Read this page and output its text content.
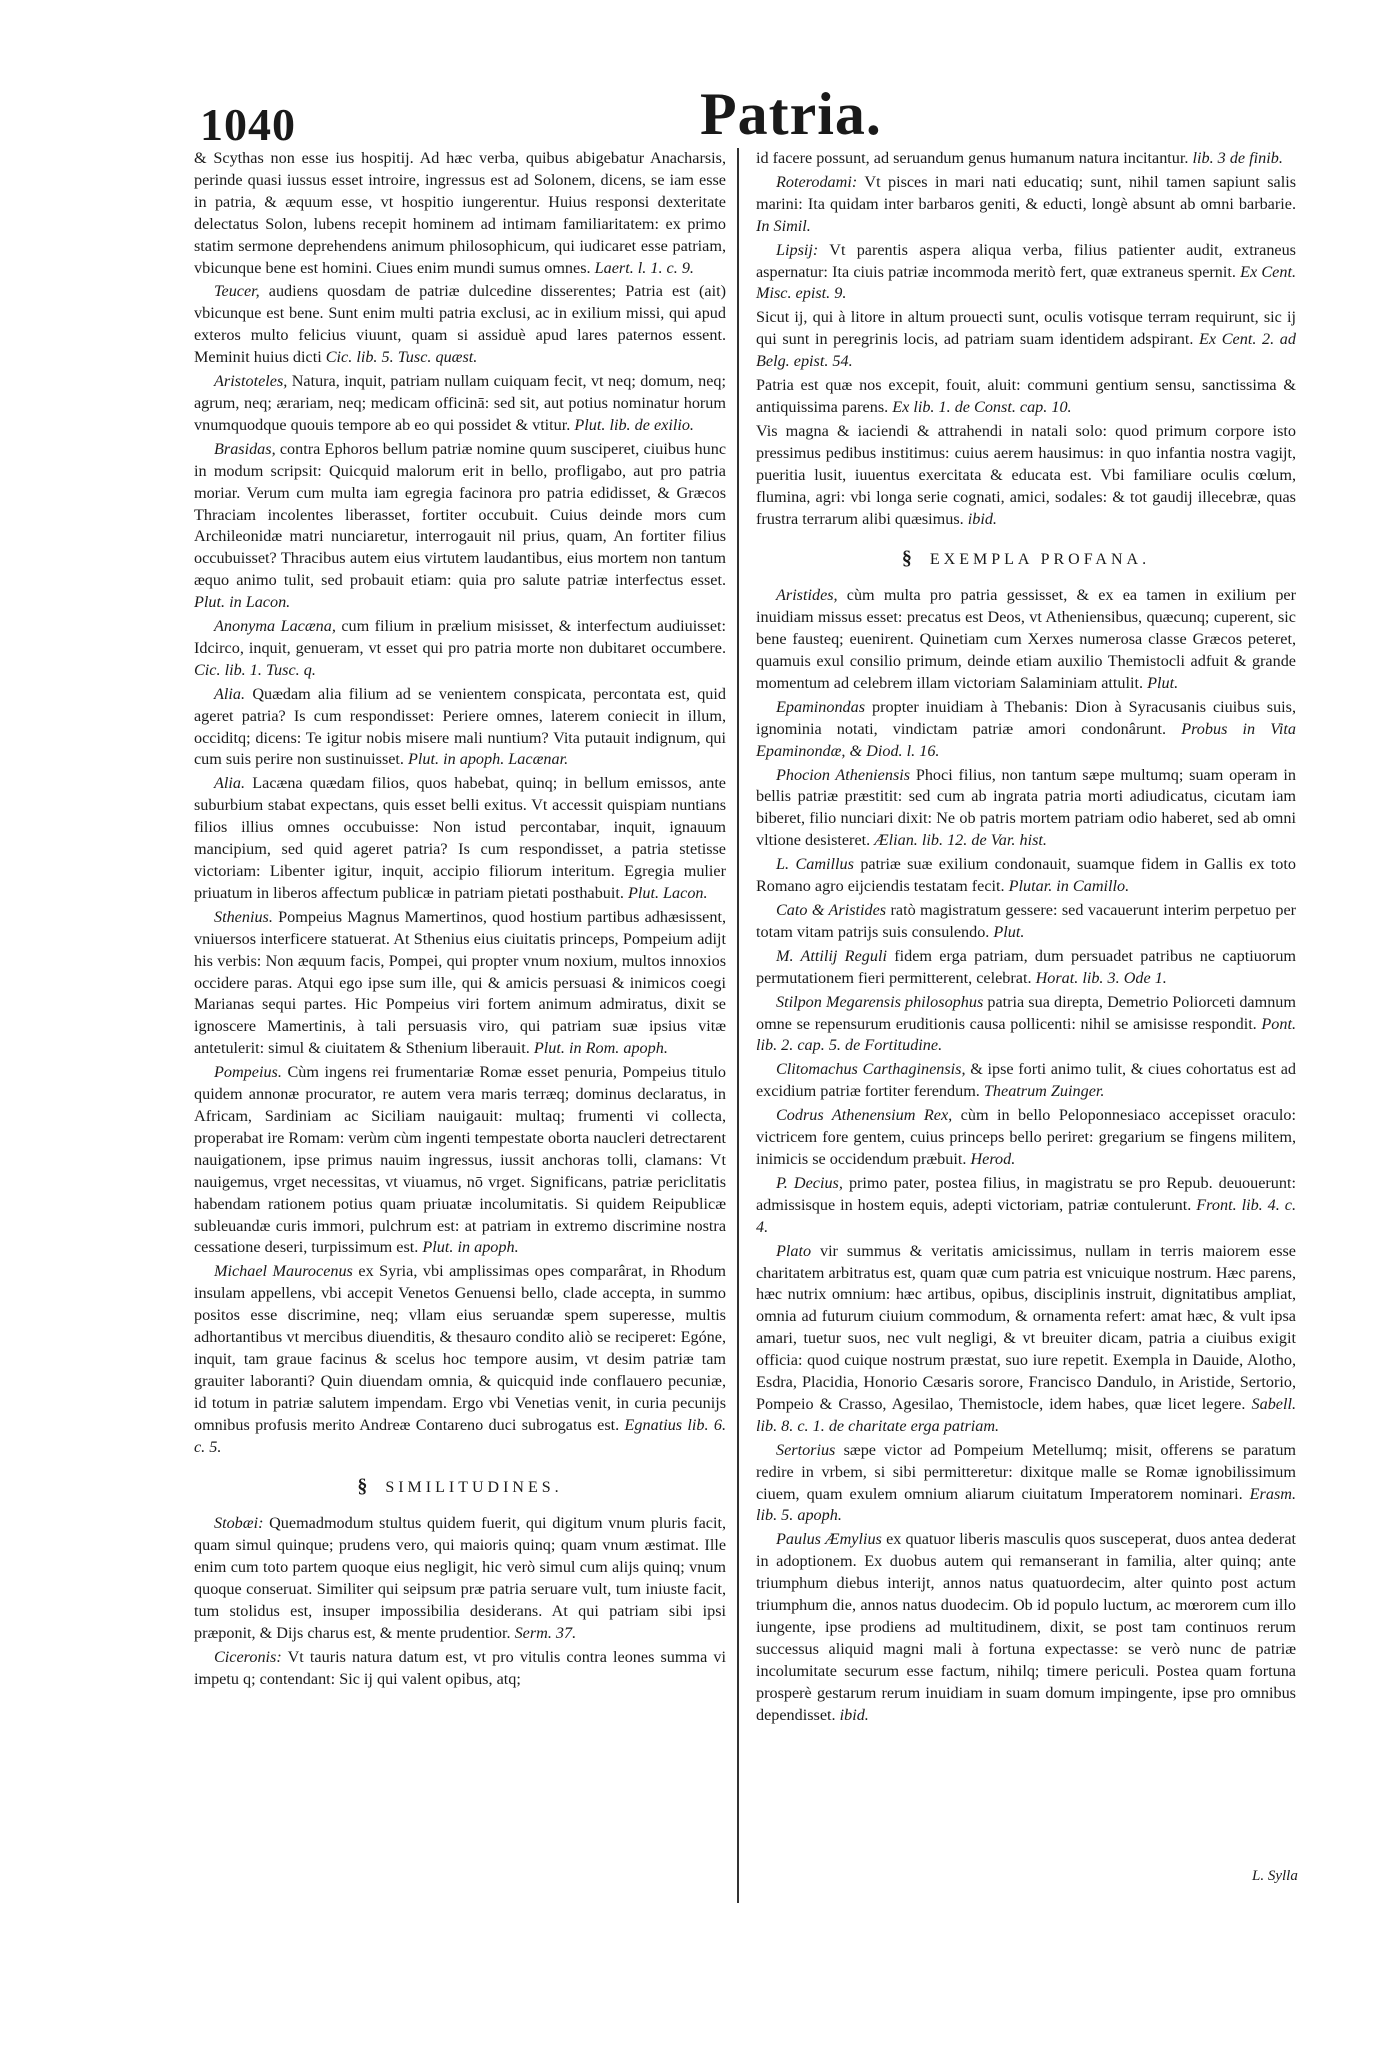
1040	Patria.

& Scythas non esse ius hospitij. Ad hæc verba, quibus abigebatur Anacharsis, perinde quasi iussus esset introire, ingressus est ad Solonem, dicens, se iam esse in patria, & æquum esse, vt hospitio iungerentur. Huius responsi dexteritate delectatus Solon, lubens recepit hominem ad intimam familiaritatem: ex primo statim sermone deprehendens animum philosophicum, qui iudicaret esse patriam, vbicunque bene est homini. Ciues enim mundi sumus omnes. Laert. l. 1. c. 9.

Teucer, audiens quosdam de patriæ dulcedine disserentes; Patria est (ait) vbicunque est bene. Sunt enim multi patria exclusi, ac in exilium missi, qui apud exteros multo felicius viuunt, quam si assiduè apud lares paternos essent. Meminit huius dicti Cic. lib. 5. Tusc. quæst.

Aristoteles, Natura, inquit, patriam nullam cuiquam fecit, vt neq; domum, neq; agrum, neq; ærariam, neq; medicam officinā: sed sit, aut potius nominatur horum vnumquodque quouis tempore ab eo qui possidet & vtitur. Plut. lib. de exilio.

Brasidas, contra Ephoros bellum patriæ nomine quum susciperet, ciuibus hunc in modum scripsit: Quicquid malorum erit in bello, profligabo, aut pro patria moriar. Verum cum multa iam egregia facinora pro patria edidisset, & Græcos Thraciam incolentes liberasset, fortiter occubuit. Cuius deinde mors cum Archileonidæ matri nunciaretur, interrogauit nil prius, quam, An fortiter filius occubuisset? Thracibus autem eius virtutem laudantibus, eius mortem non tantum æquo animo tulit, sed probauit etiam: quia pro salute patriæ interfectus esset. Plut. in Lacon.

Anonyma Lacæna, cum filium in prælium misisset, & interfectum audiuisset: Idcirco, inquit, genueram, vt esset qui pro patria morte non dubitaret occumbere. Cic. lib. 1. Tusc. q.

Alia. Quædam alia filium ad se venientem conspicata, percontata est, quid ageret patria? Is cum respondisset: Periere omnes, laterem coniecit in illum, occiditq; dicens: Te igitur nobis misere mali nuntium? Vita putauit indignum, qui cum suis perire non sustinuisset. Plut. in apoph. Lacænar.

Alia. Lacæna quædam filios, quos habebat, quinq; in bellum emissos, ante suburbium stabat expectans, quis esset belli exitus. Vt accessit quispiam nuntians filios illius omnes occubuisse: Non istud percontabar, inquit, ignauum mancipium, sed quid ageret patria? Is cum respondisset, a patria stetisse victoriam: Libenter igitur, inquit, accipio filiorum interitum. Egregia mulier priuatum in liberos affectum publicæ in patriam pietati posthabuit. Plut. Lacon.

Sthenius. Pompeius Magnus Mamertinos, quod hostium partibus adhæsissent, vniuersos interficere statuerat. At Sthenius eius ciuitatis princeps, Pompeium adijt his verbis: Non æquum facis, Pompei, qui propter vnum noxium, multos innoxios occidere paras. Atqui ego ipse sum ille, qui & amicis persuasi & inimicos coegi Marianas sequi partes. Hic Pompeius viri fortem animum admiratus, dixit se ignoscere Mamertinis, à tali persuasis viro, qui patriam suæ ipsius vitæ antetulerit: simul & ciuitatem & Sthenium liberauit. Plut. in Rom. apoph.

Pompeius. Cùm ingens rei frumentariæ Romæ esset penuria, Pompeius titulo quidem annonæ procurator, re autem vera maris terræq; dominus declaratus, in Africam, Sardiniam ac Siciliam nauigauit: multaq; frumenti vi collecta, properabat ire Romam: verùm cùm ingenti tempestate oborta naucleri detrectarent nauigationem, ipse primus nauim ingressus, iussit anchoras tolli, clamans: Vt nauigemus, vrget necessitas, vt viuamus, nō vrget. Significans, patriæ periclitatis habendam rationem potius quam priuatæ incolumitatis. Si quidem Reipublicæ subleuandæ curis immori, pulchrum est: at patriam in extremo discrimine nostra cessatione deseri, turpissimum est. Plut. in apoph.

Michael Maurocenus ex Syria, vbi amplissimas opes comparârat, in Rhodum insulam appellens, vbi accepit Venetos Genuensi bello, clade accepta, in summo positos esse discrimine, neq; vllam eius seruandæ spem superesse, multis adhortantibus vt mercibus diuenditis, & thesauro condito aliò se reciperet: Egóne, inquit, tam graue facinus & scelus hoc tempore ausim, vt desim patriæ tam grauiter laboranti? Quin diuendam omnia, & quicquid inde conflauero pecuniæ, id totum in patriæ salutem impendam. Ergo vbi Venetias venit, in curia pecunijs omnibus profusis merito Andreæ Contareno duci subrogatus est. Egnatius lib. 6. c. 5.

§ SIMILITUDINES.

Stobæi: Quemadmodum stultus quidem fuerit, qui digitum vnum pluris facit, quam simul quinque; prudens vero, qui maioris quinq; quam vnum æstimat. Ille enim cum toto partem quoque eius negligit, hic verò simul cum alijs quinq; vnum quoque conseruat. Similiter qui seipsum præ patria seruare vult, tum iniuste facit, tum stolidus est, insuper impossibilia desiderans. At qui patriam sibi ipsi præponit, & Dijs charus est, & mente prudentior. Serm. 37.

Ciceronis: Vt tauris natura datum est, vt pro vitulis contra leones summa vi impetu q; contendant: Sic ij qui valent opibus, atq;

id facere possunt, ad seruandum genus humanum natura incitantur. lib. 3 de finib.

Roterodami: Vt pisces in mari nati educatiq; sunt, nihil tamen sapiunt salis marini: Ita quidam inter barbaros geniti, & educti, longè absunt ab omni barbarie. In Simil.

Lipsij: Vt parentis aspera aliqua verba, filius patienter audit, extraneus aspernatur: Ita ciuis patriæ incommoda meritò fert, quæ extraneus spernit. Ex Cent. Misc. epist. 9.

Sicut ij, qui à litore in altum prouecti sunt, oculis votisque terram requirunt, sic ij qui sunt in peregrinis locis, ad patriam suam identidem adspirant. Ex Cent. 2. ad Belg. epist. 54.

Patria est quæ nos excepit, fouit, aluit: communi gentium sensu, sanctissima & antiquissima parens. Ex lib. 1. de Const. cap. 10.

Vis magna & iaciendi & attrahendi in natali solo: quod primum corpore isto pressimus pedibus institimus: cuius aerem hausimus: in quo infantia nostra vagijt, pueritia lusit, iuuentus exercitata & educata est. Vbi familiare oculis cœlum, flumina, agri: vbi longa serie cognati, amici, sodales: & tot gaudij illecebræ, quas frustra terrarum alibi quæsimus. ibid.

§ EXEMPLA PROFANA.

Aristides, cùm multa pro patria gessisset, & ex ea tamen in exilium per inuidiam missus esset: precatus est Deos, vt Atheniensibus, quæcunq; cuperent, sic bene fausteq; euenirent. Quinetiam cum Xerxes numerosa classe Græcos peteret, quamuis exul consilio primum, deinde etiam auxilio Themistocli adfuit & grande momentum ad celebrem illam victoriam Salaminiam attulit. Plut.

Epaminondas propter inuidiam à Thebanis: Dion à Syracusanis ciuibus suis, ignominia notati, vindictam patriæ amori condonârunt. Probus in Vita Epaminondæ, & Diod. l. 16.

Phocion Atheniensis Phoci filius, non tantum sæpe multumq; suam operam in bellis patriæ præstitit: sed cum ab ingrata patria morti adiudicatus, cicutam iam biberet, filio nunciari dixit: Ne ob patris mortem patriam odio haberet, sed ab omni vltione desisteret. Ælian. lib. 12. de Var. hist.

L. Camillus patriæ suæ exilium condonauit, suamque fidem in Gallis ex toto Romano agro eijciendis testatam fecit. Plutar. in Camillo.

Cato & Aristides ratò magistratum gessere: sed vacauerunt interim perpetuo per totam vitam patrijs suis consulendo. Plut.

M. Attilij Reguli fidem erga patriam, dum persuadet patribus ne captiuorum permutationem fieri permitterent, celebrat. Horat. lib. 3. Ode 1.

Stilpon Megarensis philosophus patria sua direpta, Demetrio Poliorceti damnum omne se repensurum eruditionis causa pollicenti: nihil se amisisse respondit. Pont. lib. 2. cap. 5. de Fortitudine.

Clitomachus Carthaginensis, & ipse forti animo tulit, & ciues cohortatus est ad excidium patriæ fortiter ferendum. Theatrum Zuinger.

Codrus Athenensium Rex, cùm in bello Peloponnesiaco accepisset oraculo: victricem fore gentem, cuius princeps bello periret: gregarium se fingens militem, inimicis se occidendum præbuit. Herod.

P. Decius, primo pater, postea filius, in magistratu se pro Repub. deuouerunt: admissisque in hostem equis, adepti victoriam, patriæ contulerunt. Front. lib. 4. c. 4.

Plato vir summus & veritatis amicissimus, nullam in terris maiorem esse charitatem arbitratus est, quam quæ cum patria est vnicuique nostrum. Hæc parens, hæc nutrix omnium: hæc artibus, opibus, disciplinis instruit, dignitatibus ampliat, omnia ad futurum ciuium commodum, & ornamenta refert: amat hæc, & vult ipsa amari, tuetur suos, nec vult negligi, & vt breuiter dicam, patria a ciuibus exigit officia: quod cuique nostrum præstat, suo iure repetit. Exempla in Dauide, Alotho, Esdra, Placidia, Honorio Cæsaris sorore, Francisco Dandulo, in Aristide, Sertorio, Pompeio & Crasso, Agesilao, Themistocle, idem habes, quæ licet legere. Sabell. lib. 8. c. 1. de charitate erga patriam.

Sertorius sæpe victor ad Pompeium Metellumq; misit, offerens se paratum redire in vrbem, si sibi permitteretur: dixitque malle se Romæ ignobilissimum ciuem, quam exulem omnium aliarum ciuitatum Imperatorem nominari. Erasm. lib. 5. apoph.

Paulus Æmylius ex quatuor liberis masculis quos susceperat, duos antea dederat in adoptionem. Ex duobus autem qui remanserant in familia, alter quinq; ante triumphum diebus interijt, annos natus quatuordecim, alter quinto post actum triumphum die, annos natus duodecim. Ob id populo luctum, ac mœrorem cum illo iungente, ipse prodiens ad multitudinem, dixit, se post tam continuos rerum successus aliquid magni mali à fortuna expectasse: se verò nunc de patriæ incolumitate securum esse factum, nihilq; timere periculi. Postea quam fortuna prosperè gestarum rerum inuidiam in suam domum impingente, ipse pro omnibus dependisset. ibid.

L. Sylla
